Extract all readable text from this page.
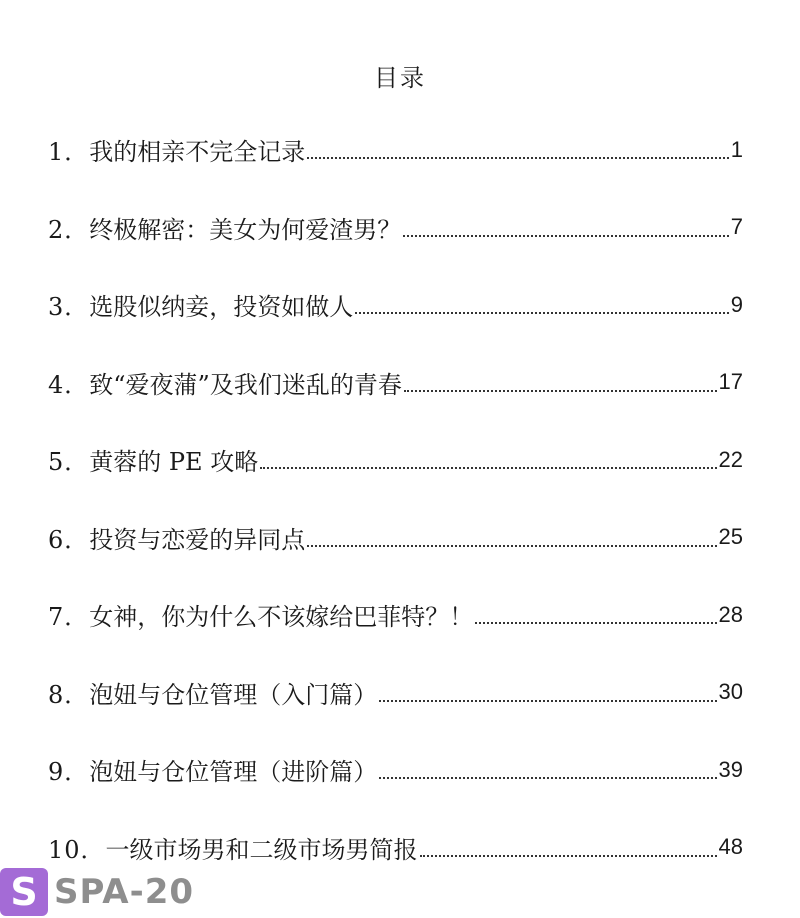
目录
1． 我的相亲不完全记录	1
2． 终极解密：美女为何爱渣男？	7
3． 选股似纳妾，投资如做人	9
4． 致“爱夜蒲”及我们迷乱的青春	17
5． 黄蓉的 PE 攻略	22
6． 投资与恋爱的异同点	25
7． 女神，你为什么不该嫁给巴菲特？！	28
8． 泡妞与仓位管理（入门篇）	30
9． 泡妞与仓位管理（进阶篇）	39
10． 一级市场男和二级市场男简报	48
S SPA-20
